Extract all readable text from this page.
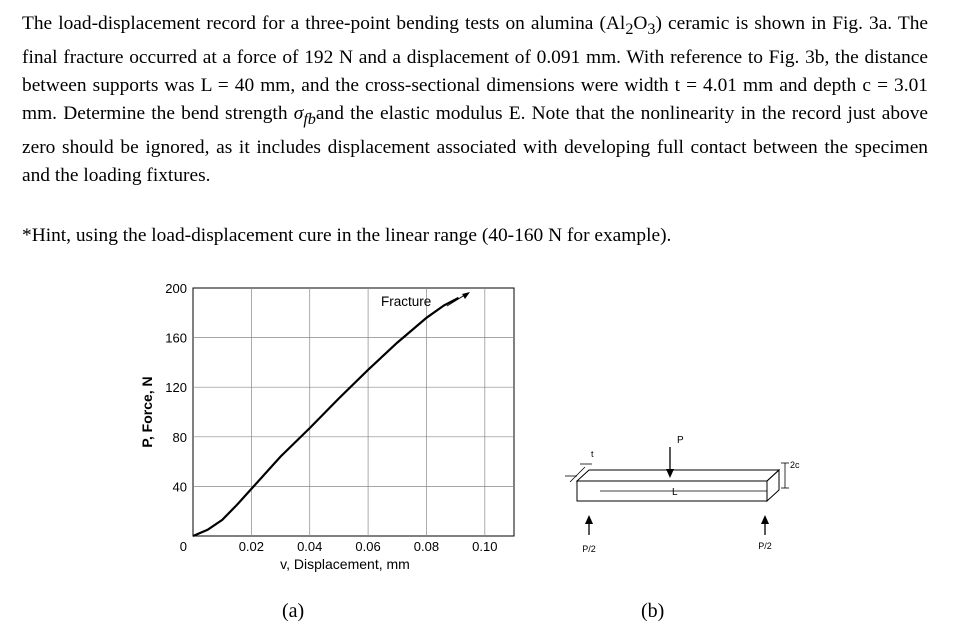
The load-displacement record for a three-point bending tests on alumina $(Al_2O_3)$ ceramic is shown in Fig. 3a. The final fracture occurred at a force of 192 N and a displacement of 0.091 mm. With reference to Fig. 3b, the distance between supports was L = 40 mm, and the cross-sectional dimensions were width t = 4.01 mm and depth c = 3.01 mm. Determine the bend strength $\sigma_{fb}and$ the elastic modulus E. Note that the nonlinearity in the record just above zero should be ignored, as it includes displacement associated with developing full contact between the specimen and the loading fixtures.

*Hint, using the load-displacement cure in the linear range (40-160 N for example).

0.02	0.04	0.06	0.08	0.10
0
40
80
120
160
200
v, Displacement, mm
P, Force, N
Fracture
t
P
L
2c
P/2	P/2
(a)	(b)
